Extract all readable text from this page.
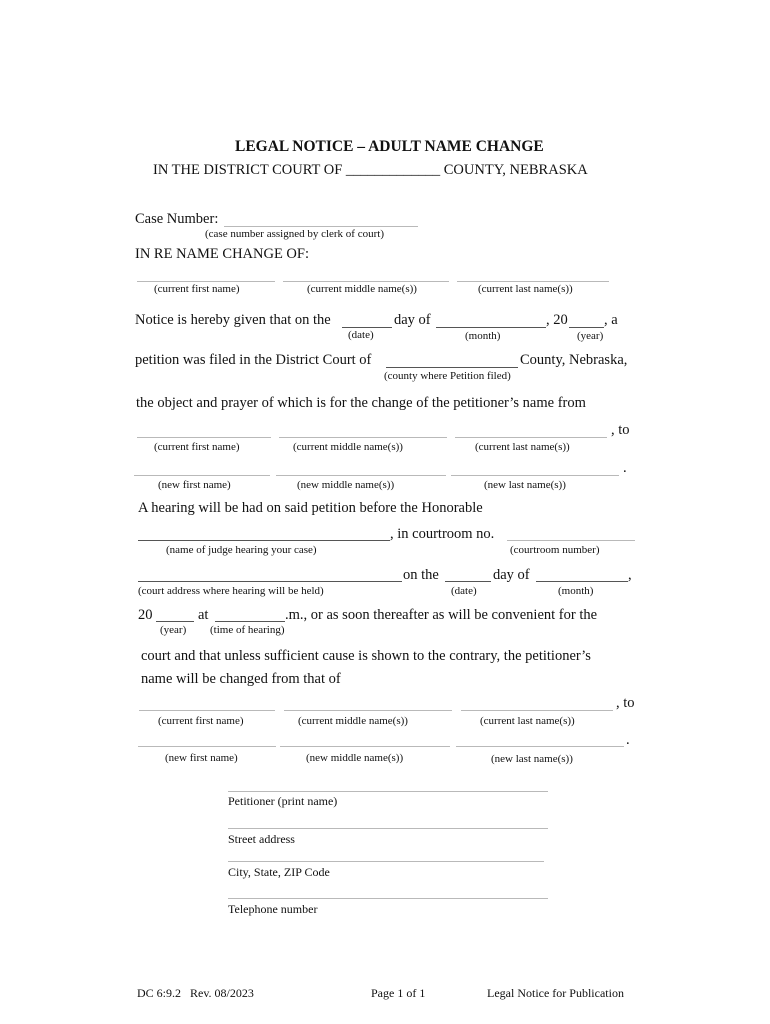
LEGAL NOTICE – ADULT NAME CHANGE
IN THE DISTRICT COURT OF _____________ COUNTY, NEBRASKA
Case Number:
(case number assigned by clerk of court)
IN RE NAME CHANGE OF:
(current first name)	(current middle name(s))	(current last name(s))
Notice is hereby given that on the	day of	, 20	, a
(date)	(month)	(year)
petition was filed in the District Court of	County, Nebraska,
(county where Petition filed)
the object and prayer of which is for the change of the petitioner’s name from
, to
(current first name)	(current middle name(s))	(current last name(s))
.
(new first name)	(new middle name(s))	(new last name(s))
A hearing will be had on said petition before the Honorable
, in courtroom no.
(name of judge hearing your case)	(courtroom number)
on the	day of	,
(court address where hearing will be held)	(date)	(month)
20	at	.m., or as soon thereafter as will be convenient for the
(year) (time of hearing)
court and that unless sufficient cause is shown to the contrary, the petitioner’s
name will be changed from that of
, to
(current first name)	(current middle name(s))	(current last name(s))
.
(new first name)	(new middle name(s))	(new last name(s))
Petitioner (print name)
Street address
City, State, ZIP Code
Telephone number
DC 6:9.2 Rev. 08/2023	Page 1 of 1	Legal Notice for Publication
